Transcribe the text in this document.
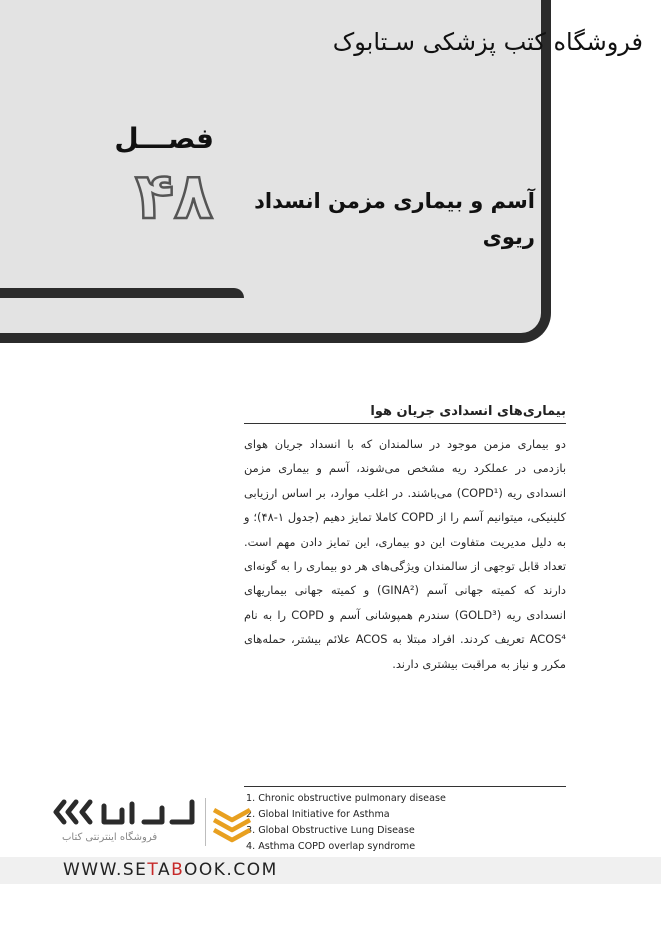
فروشگاه کتب پزشکی سـتابوک
فصـــل
۴۸	آسم و بیماری مزمن انسداد ریوی
بیماری‌های انسدادی جریان هوا
دو بیماری مزمن موجود در سالمندان که با انسداد جریان هوای بازدمی در عملکرد ریه مشخص می‌شوند، آسم و بیماری مزمن انسدادی ریه (COPD¹) می‌باشند. در اغلب موارد، بر اساس ارزیابی کلینیکی، میتوانیم آسم را از COPD کاملا تمایز دهیم (جدول ۱-۴۸)؛ و به دلیل مدیریت متفاوت این دو بیماری، این تمایز دادن مهم است. تعداد قابل توجهی از سالمندان ویژگی‌های هر دو بیماری را به گونه‌ای دارند که کمیته جهانی آسم (GINA²) و کمیته جهانی بیماریهای انسدادی ریه (GOLD³) سندرم همپوشانی آسم و COPD را به نام ACOS⁴ تعریف کردند. افراد مبتلا به ACOS علائم بیشتر، حمله‌های مکرر و نیاز به مراقبت بیشتری دارند.
1. Chronic obstructive pulmonary disease
2. Global Initiative for Asthma
3. Global Obstructive Lung Disease
4. Asthma COPD overlap syndrome
فروشگاه اینترنتی کتاب
WWW.SETABOOK.COM
